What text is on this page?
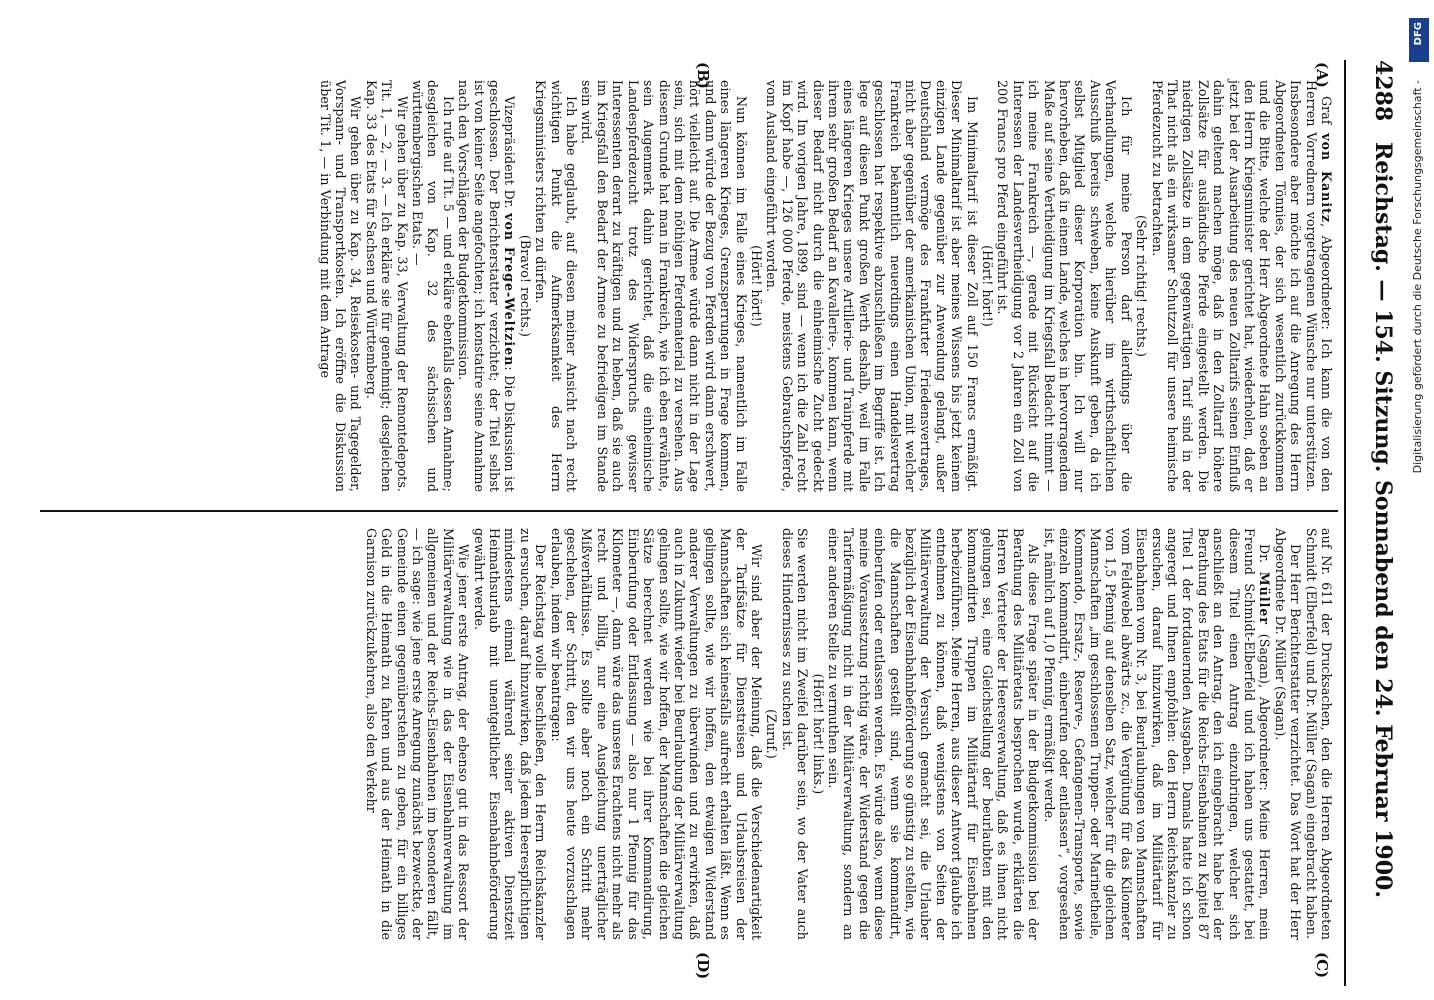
4288
Reichstag. — 154. Sitzung. Sonnabend den 24. Februar 1900.
(A)
(B)
(C)
(D)

Graf von Kanitz, Abgeordneter: Ich kann die von den Herren Vorrednern vorgetragenen Wünsche nur unterstützen. Insbesondere aber möchte ich auf die Anregung des Herrn Abgeordneten Tönnies, der sich wesentlich zurückkommen und die Bitte, welche der Herr Abgeordnete Hahn soeben an den Herrn Kriegsminister gerichtet hat, wiederholen, daß er jetzt bei der Ausarbeitung des neuen Zolltarifs seinen Einfluß dahin geltend machen möge, daß in den Zolltarif höhere Zollsätze für ausländische Pferde eingestellt werden. Die niedrigen Zollsätze in dem gegenwärtigen Tarif sind in der That nicht als ein wirksamer Schutzzoll für unsere heimische Pferdezucht zu betrachten.

(Sehr richtig! rechts.)

Ich für meine Person darf allerdings über die Verhandlungen, welche hierüber im wirthschaftlichen Ausschuß bereits schweben, keine Auskunft geben, da ich selbst Mitglied dieser Korporation bin. Ich will nur hervorheben, daß in einem Lande, welches in hervorragendem Maße auf seine Vertheidigung im Kriegsfall Bedacht nimmt — ich meine Frankreich —, gerade mit Rücksicht auf die Interessen der Landesvertheidigung vor 2 Jahren ein Zoll von 200 Francs pro Pferd eingeführt ist.

(Hört! hört!)

Im Minimaltarif ist dieser Zoll auf 150 Francs ermäßigt. Dieser Minimaltarif ist aber meines Wissens bis jetzt keinem einzigen Lande gegenüber zur Anwendung gelangt, außer Deutschland vermöge des Frankfurter Friedensvertrages, nicht aber gegenüber der amerikanischen Union, mit welcher Frankreich bekanntlich neuerdings einen Handelsvertrag geschlossen hat respektive abzuschließen im Begriffe ist. Ich lege auf diesen Punkt großen Werth deshalb, weil im Falle eines längeren Krieges unsere Artillerie- und Trainpferde mit ihrem sehr großen Bedarf an Kavallerie-, kommen kann, wenn dieser Bedarf nicht durch die einheimische Zucht gedeckt wird. Im vorigen Jahre, 1899, sind — wenn ich die Zahl recht im Kopf habe —, 126 000 Pferde, meistens Gebrauchspferde, vom Ausland eingeführt worden.

(Hört! hört!)

Nun können im Falle eines Krieges, namentlich im Falle eines längeren Krieges, Grenzsperrungen in Frage kommen, und dann würde der Bezug von Pferden wird dann erschwert, hört vielleicht auf. Die Armee würde dann nicht in der Lage sein, sich mit dem nöthigen Pferdematerial zu versehen. Aus diesem Grunde hat man in Frankreich, wie ich eben erwähnte, sein Augenmerk dahin gerichtet, daß die einheimische Landespferdezucht trotz des Widerspruchs gewisser Interessenten derart zu kräftigen und zu heben, daß sie auch im Kriegsfall den Bedarf der Armee zu befriedigen im Stande sein wird.

Ich habe geglaubt, auf diesen meiner Ansicht nach recht wichtigen Punkt die Aufmerksamkeit des Herrn Kriegsministers richten zu dürfen.

(Bravo! rechts.)

Vizepräsident Dr. von Frege-Weltzien: Die Diskussion ist geschlossen. Der Berichterstatter verzichtet; der Titel selbst ist von keiner Seite angefochten; ich konstatire seine Annahme nach den Vorschlägen der Budgetkommission.

Ich rufe auf Tit. 5 — und erkläre ebenfalls dessen Annahme; desgleichen von Kap. 32 des sächsischen und württembergischen Etats. —

Wir gehen über zu Kap. 33, Verwaltung der Remontedepots. Tit. 1, — 2, — 3. — Ich erkläre sie für genehmigt; desgleichen Kap. 33 des Etats für Sachsen und Württemberg.

Wir gehen über zu Kap. 34, Reisekosten- und Tagegelder, Vorspann- und Transportkosten. Ich eröffne die Diskussion über Tit. 1, — in Verbindung mit dem Antrage

auf Nr. 611 der Drucksachen, den die Herren Abgeordneten Schmidt (Elberfeld) und Dr. Müller (Sagan) eingebracht haben.

Der Herr Berichterstatter verzichtet. Das Wort hat der Herr Abgeordnete Dr. Müller (Sagan).

Dr. Müller (Sagan), Abgeordneter: Meine Herren, mein Freund Schmidt-Elberfeld und ich haben uns gestattet, bei diesem Titel einen Antrag einzubringen, welcher sich anschließt an den Antrag, den ich eingebracht habe bei der Berathung des Etats für die Reichs-Eisenbahnen zu Kapitel 87 Titel 1 der fortdauernden Ausgaben. Damals hatte ich schon angeregt und Ihnen empfohlen: den Herrn Reichskanzler zu ersuchen, darauf hinzuwirken, daß im Militärtarif für Eisenbahnen vom Nr. 3, bei Beurlaubungen von Mannschaften vom Feldwebel abwärts zc., die Vergütung für das Kilometer von 1,5 Pfennig auf denselben Satz, welcher für die gleichen Mannschaften „im geschlossenen Truppen- oder Marinetheile, Kommando, Ersatz-, Reserve-, Gefangenen-Transporte, sowie einzeln kommandirt, einberufen oder entlassen“, vorgesehen ist, nämlich auf 1,0 Pfennig, ermäßigt werde.

Als diese Frage später in der Budgetkommission bei der Berathung des Militäretats besprochen wurde, erklärten die Herren Vertreter der Heeresverwaltung, daß es ihnen nicht gelungen sei, eine Gleichstellung der beurlaubten mit den kommandirten Truppen im Militärtarif für Eisenbahnen herbeizuführen. Meine Herren, aus dieser Antwort glaubte ich entnehmen zu können, daß wenigstens von Seiten der Militärverwaltung der Versuch gemacht sei, die Urlauber bezüglich der Eisenbahnbeförderung so günstig zu stellen, wie die Mannschaften gestellt sind, wenn sie kommandirt, einberufen oder entlassen werden. Es würde also, wenn diese meine Voraussetzung richtig wäre, der Widerstand gegen die Tarifermäßigung nicht in der Militärverwaltung, sondern an einer anderen Stelle zu vermuthen sein.

(Hört! hört! links.)

Sie werden nicht im Zweifel darüber sein, wo der Vater auch dieses Hindernisses zu suchen ist.

(Zuruf.)

Wir sind aber der Meinung, daß die Verschiedenartigkeit der Tarifsätze für Dienstreisen und Urlaubsreisen der Mannschaften sich keinesfalls aufrecht erhalten läßt. Wenn es gelingen sollte, wie wir hoffen, den etwaigen Widerstand anderer Verwaltungen zu überwinden und zu erwirken, daß auch in Zukunft wieder bei Beurlaubung der Militärverwaltung gelingen sollte, wie wir hoffen, der Mannschaften die gleichen Sätze berechnet werden wie bei ihrer Kommandirung, Einberufung oder Entlassung — also nur 1 Pfennig für das Kilometer —, dann wäre das unseres Erachtens nicht mehr als recht und billig, nur eine Ausgleichung unerträglicher Mißverhältnisse. Es sollte aber noch ein Schritt mehr geschehen, der Schritt, den wir uns heute vorzuschlagen erlauben, indem wir beantragen:

Der Reichstag wolle beschließen, den Herrn Reichskanzler zu ersuchen, darauf hinzuwirken, daß jedem Heerespflichtigen mindestens einmal während seiner aktiven Dienstzeit Heimathsurlaub mit unentgeltlicher Eisenbahnbeförderung gewährt werde.

Wie jener erste Antrag, der ebenso gut in das Ressort der Militärverwaltung wie in das der Eisenbahnverwaltung im allgemeinen und der Reichs-Eisenbahnen im besonderen fällt, — ich sage: wie jene erste Anregung zunächst bezweckte, der Gemeinde einen gegenüberstehen zu geben, für ein billiges Geld in die Heimath zu fahren und aus der Heimath in die Garnison zurückzukehren, also den Verkehr

DFG
Digitalisierung gefördert durch die Deutsche Forschungsgemeinschaft -
